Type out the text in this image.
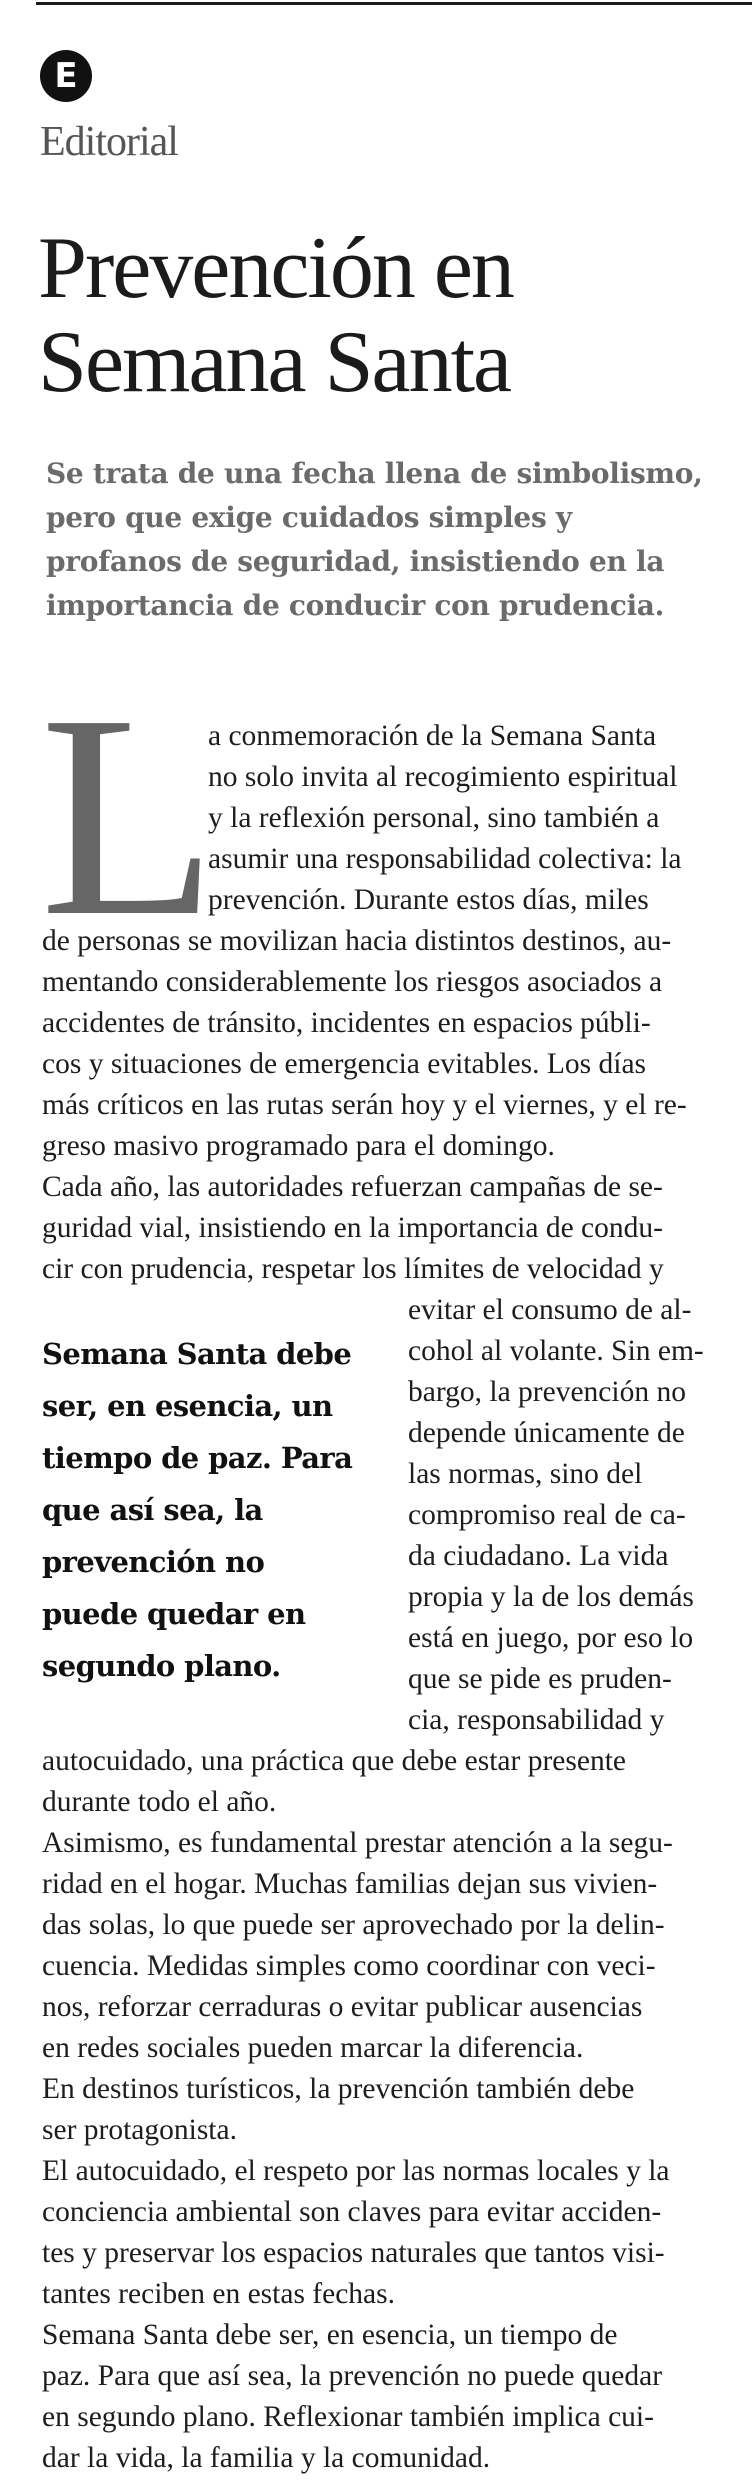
E
Editorial
Prevención en
Semana Santa
Se trata de una fecha llena de simbolismo,
pero que exige cuidados simples y
profanos de seguridad, insistiendo en la
importancia de conducir con prudencia.
L
a conmemoración de la Semana Santa
no solo invita al recogimiento espiritual
y la reflexión personal, sino también a
asumir una responsabilidad colectiva: la
prevención. Durante estos días, miles
de personas se movilizan hacia distintos destinos, au-
mentando considerablemente los riesgos asociados a
accidentes de tránsito, incidentes en espacios públi-
cos y situaciones de emergencia evitables. Los días
más críticos en las rutas serán hoy y el viernes, y el re-
greso masivo programado para el domingo.
Cada año, las autoridades refuerzan campañas de se-
guridad vial, insistiendo en la importancia de condu-
cir con prudencia, respetar los límites de velocidad y
evitar el consumo de al-
cohol al volante. Sin em-
bargo, la prevención no
depende únicamente de
las normas, sino del
compromiso real de ca-
da ciudadano. La vida
propia y la de los demás
está en juego, por eso lo
que se pide es pruden-
cia, responsabilidad y
Semana Santa debe
ser, en esencia, un
tiempo de paz. Para
que así sea, la
prevención no
puede quedar en
segundo plano.
autocuidado, una práctica que debe estar presente
durante todo el año.
Asimismo, es fundamental prestar atención a la segu-
ridad en el hogar. Muchas familias dejan sus vivien-
das solas, lo que puede ser aprovechado por la delin-
cuencia. Medidas simples como coordinar con veci-
nos, reforzar cerraduras o evitar publicar ausencias
en redes sociales pueden marcar la diferencia.
En destinos turísticos, la prevención también debe
ser protagonista.
El autocuidado, el respeto por las normas locales y la
conciencia ambiental son claves para evitar acciden-
tes y preservar los espacios naturales que tantos visi-
tantes reciben en estas fechas.
Semana Santa debe ser, en esencia, un tiempo de
paz. Para que así sea, la prevención no puede quedar
en segundo plano. Reflexionar también implica cui-
dar la vida, la familia y la comunidad.
